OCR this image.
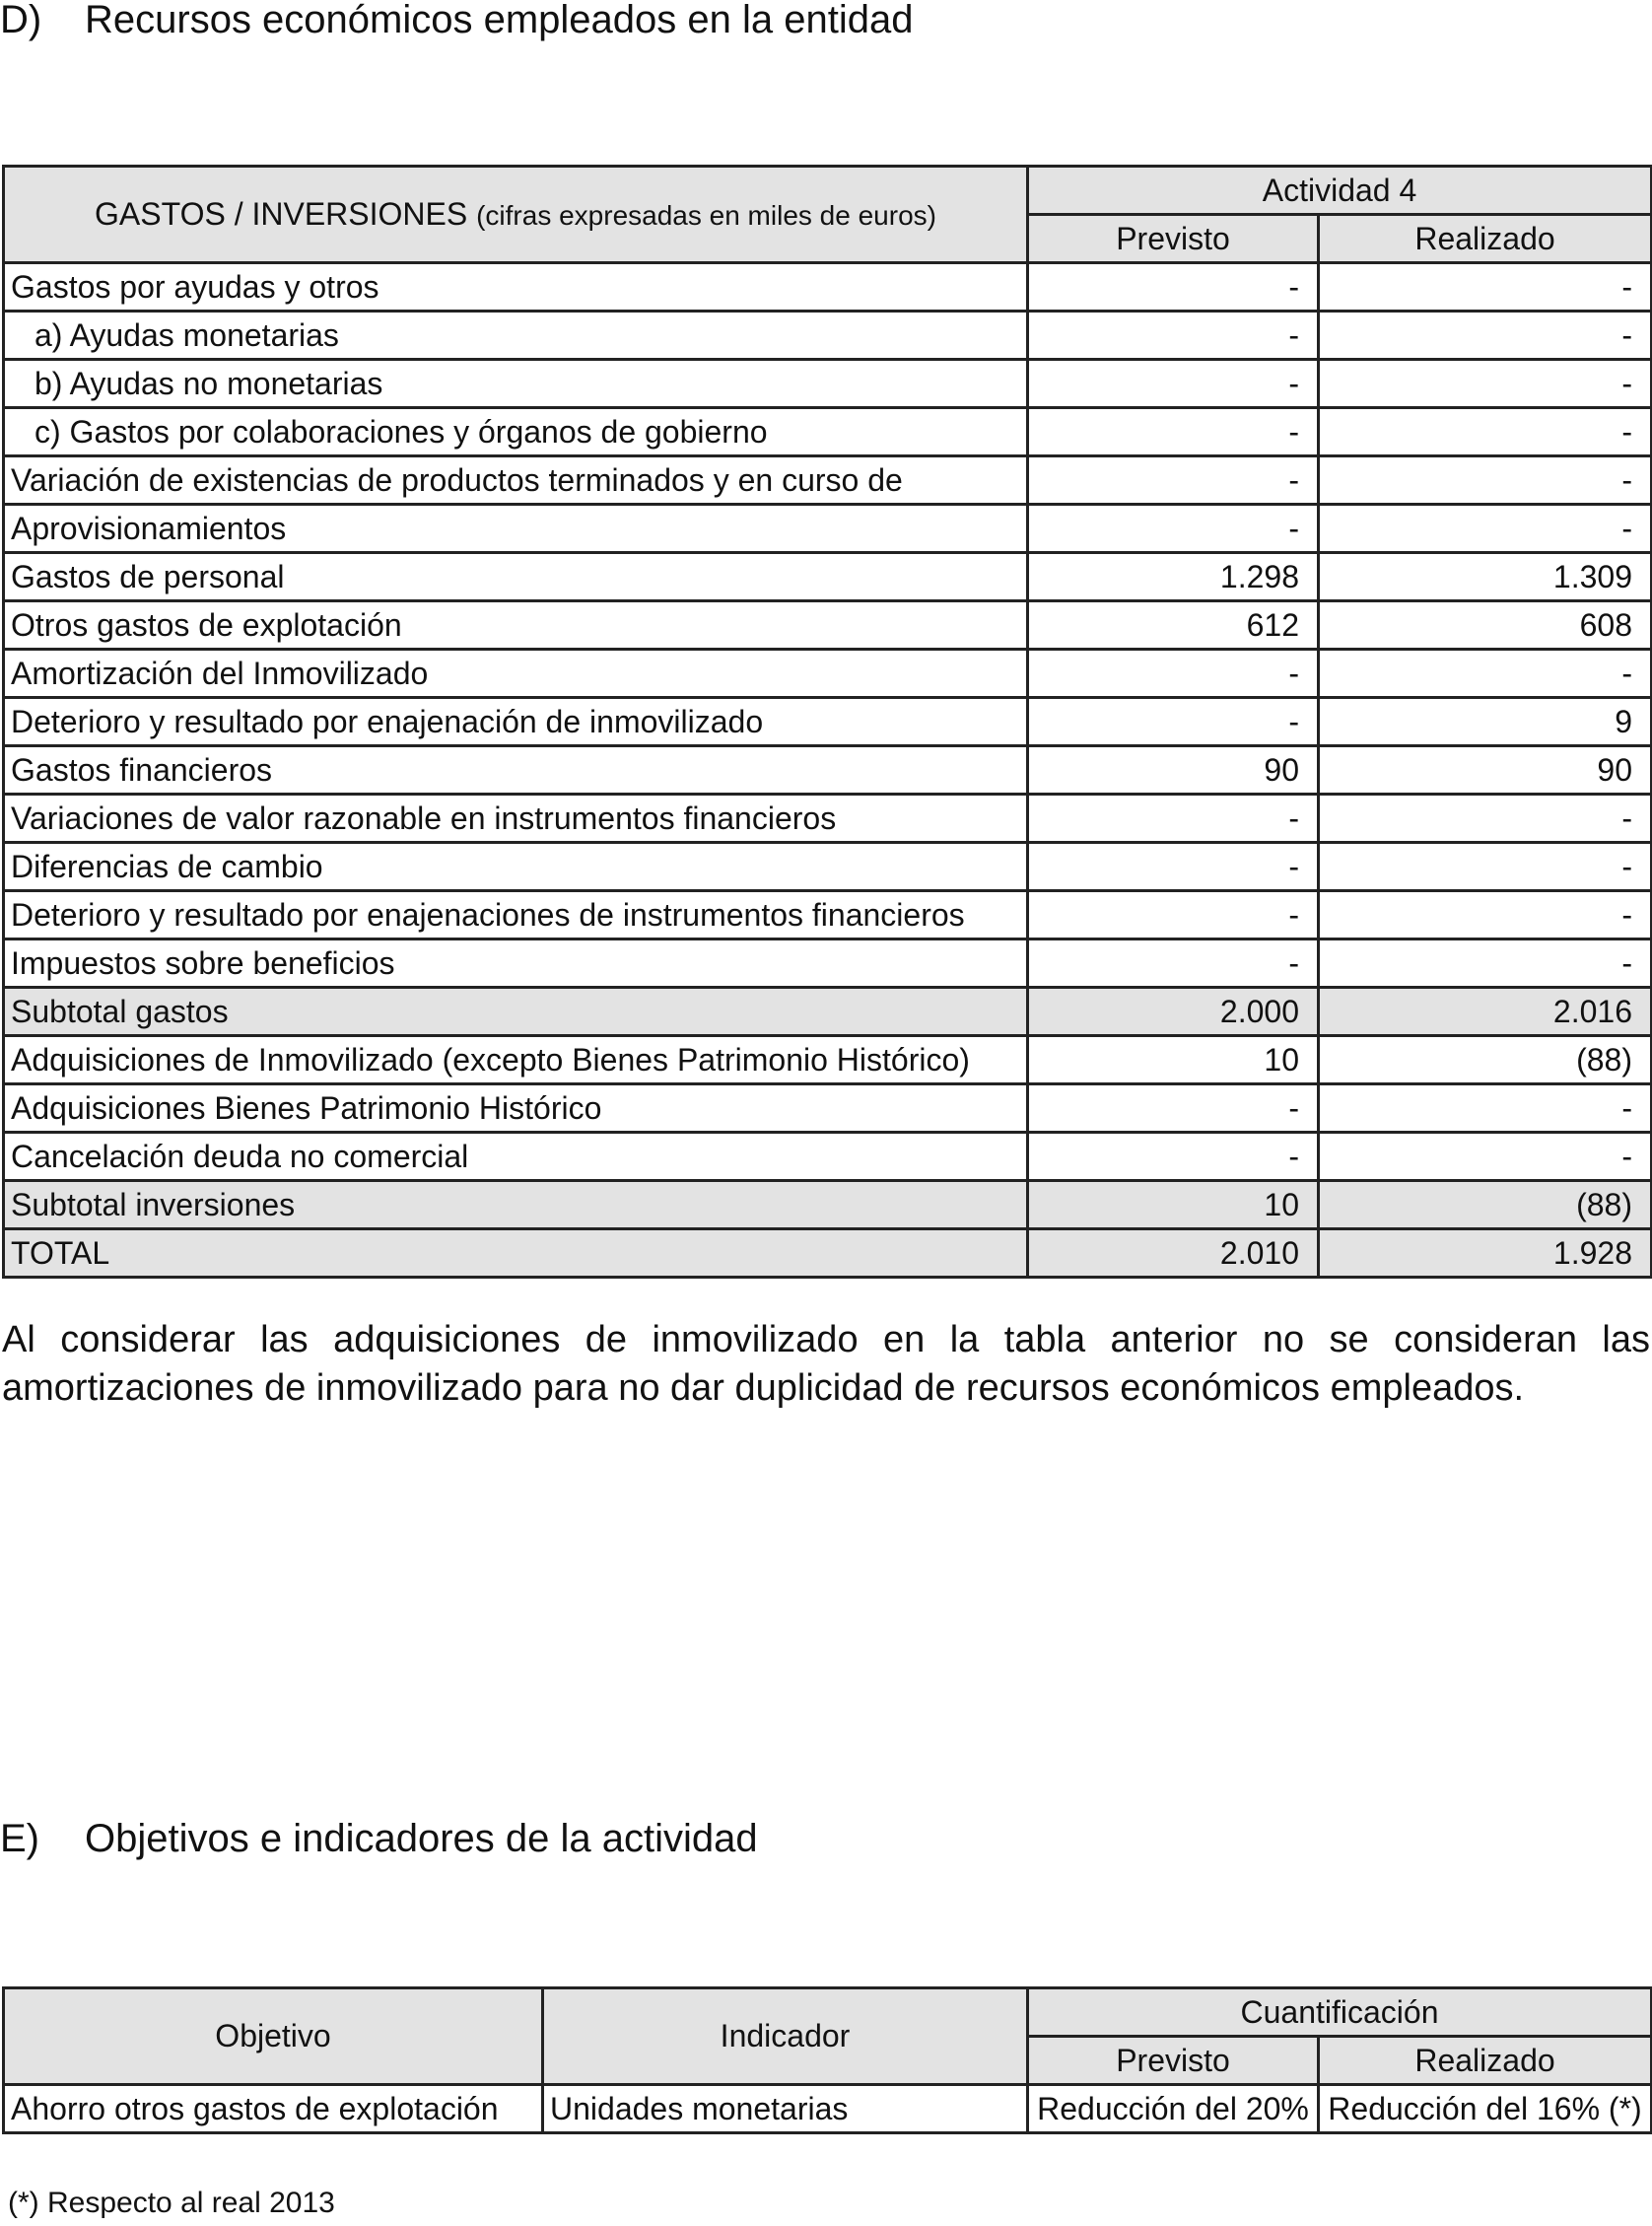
D) Recursos económicos empleados en la entidad
GASTOS / INVERSIONES (cifras expresadas en miles de euros)	Actividad 4	
	Previsto	Realizado
Gastos por ayudas y otros	-	-
a) Ayudas monetarias	-	-
b) Ayudas no monetarias	-	-
c) Gastos por colaboraciones y órganos de gobierno	-	-
Variación de existencias de productos terminados y en curso de	-	-
Aprovisionamientos	-	-
Gastos de personal	1.298	1.309
Otros gastos de explotación	612	608
Amortización del Inmovilizado	-	-
Deterioro y resultado por enajenación de inmovilizado	-	9
Gastos financieros	90	90
Variaciones de valor razonable en instrumentos financieros	-	-
Diferencias de cambio	-	-
Deterioro y resultado por enajenaciones de instrumentos financieros	-	-
Impuestos sobre beneficios	-	-
Subtotal gastos	2.000	2.016
Adquisiciones de Inmovilizado (excepto Bienes Patrimonio Histórico)	10	(88)
Adquisiciones Bienes Patrimonio Histórico	-	-
Cancelación deuda no comercial	-	-
Subtotal inversiones	10	(88)
TOTAL	2.010	1.928
Al considerar las adquisiciones de inmovilizado en la tabla anterior no se consideran las amortizaciones de inmovilizado para no dar duplicidad de recursos económicos empleados.
E) Objetivos e indicadores de la actividad
Objetivo	Indicador	Cuantificación	
		Previsto	Realizado
Ahorro otros gastos de explotación	Unidades monetarias	Reducción del 20%	Reducción del 16% (*)
(*) Respecto al real 2013
